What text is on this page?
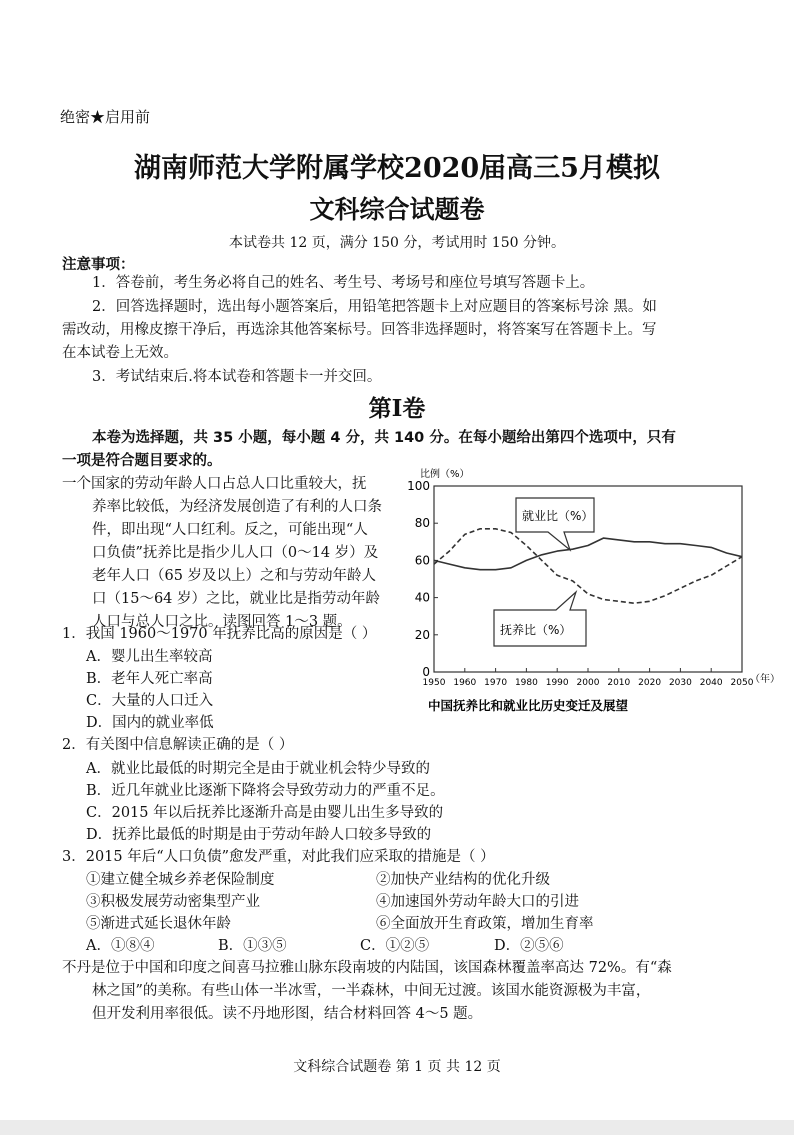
绝密★启用前
湖南师范大学附属学校2020届高三5月模拟
文科综合试题卷
本试卷共 12 页，满分 150 分，考试用时 150 分钟。
注意事项：
1．答卷前，考生务必将自己的姓名、考生号、考场号和座位号填写答题卡上。
2．回答选择题时，选出每小题答案后，用铅笔把答题卡上对应题目的答案标号涂 黑。如
需改动，用橡皮擦干净后，再选涂其他答案标号。回答非选择题时，将答案写在答题卡上。写
在本试卷上无效。
3．考试结束后.将本试卷和答题卡一并交回。
第Ⅰ卷
本卷为选择题，共 35 小题，每小题 4 分，共 140 分。在每小题给出第四个选项中，只有
一项是符合题目要求的。
一个国家的劳动年龄人口占总人口比重较大，抚
养率比较低，为经济发展创造了有利的人口条
件，即出现“人口红利。反之，可能出现“人
口负债”抚养比是指少儿人口（0～14 岁）及
老年人口（65 岁及以上）之和与劳动年龄人
口（15～64 岁）之比，就业比是指劳动年龄
人口与总人口之比。读图回答 1～3 题。
比例（%）
0
20
40
60
80
100
1950 1960 1970 1980 1990 2000 2010 2020 2030 2040 2050
就业比（%）
抚养比（%）
（年）
中国抚养比和就业比历史变迁及展望
1．我国 1960～1970 年抚养比高的原因是（ ）
A．婴儿出生率较高
B．老年人死亡率高
C．大量的人口迁入
D．国内的就业率低
2．有关图中信息解读正确的是（ ）
A．就业比最低的时期完全是由于就业机会特少导致的
B．近几年就业比逐渐下降将会导致劳动力的严重不足。
C．2015 年以后抚养比逐渐升高是由婴儿出生多导致的
D．抚养比最低的时期是由于劳动年龄人口较多导致的
3．2015 年后“人口负债”愈发严重，对此我们应采取的措施是（ ）
①建立健全城乡养老保险制度	②加快产业结构的优化升级
③积极发展劳动密集型产业	④加速国外劳动年龄大口的引进
⑤渐进式延长退休年龄	⑥全面放开生育政策，增加生育率
A．①⑧④	B．①③⑤	C．①②⑤	D．②⑤⑥
不丹是位于中国和印度之间喜马拉雅山脉东段南坡的内陆国，该国森林覆盖率高达 72%。有“森
林之国”的美称。有些山体一半冰雪，一半森林，中间无过渡。该国水能资源极为丰富，
但开发利用率很低。读不丹地形图，结合材料回答 4～5 题。
文科综合试题卷 第 1 页 共 12 页
